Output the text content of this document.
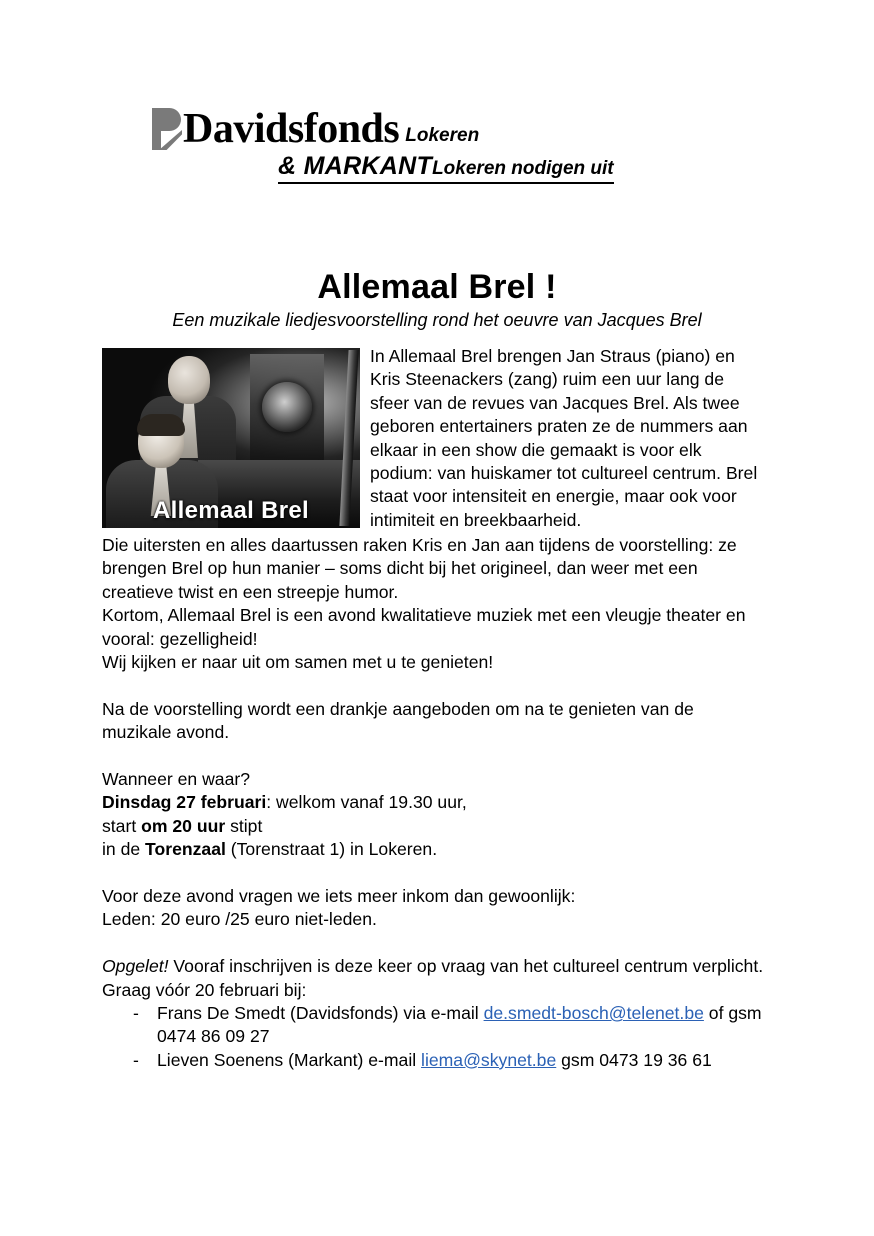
Davidsfonds Lokeren
& MARKANTLokeren nodigen uit
Allemaal Brel !
Een muzikale liedjesvoorstelling rond het oeuvre van Jacques Brel
Allemaal Brel

In Allemaal Brel brengen Jan Straus (piano) en Kris Steenackers (zang) ruim een uur lang de sfeer van de revues van Jacques Brel. Als twee geboren entertainers praten ze de nummers aan elkaar in een show die gemaakt is voor elk podium: van huiskamer tot cultureel centrum. Brel staat voor intensiteit en energie, maar ook voor intimiteit en breekbaarheid.

Die uitersten en alles daartussen raken Kris en Jan aan tijdens de voorstelling: ze brengen Brel op hun manier – soms dicht bij het origineel, dan weer met een creatieve twist en een streepje humor.

Kortom, Allemaal Brel is een avond kwalitatieve muziek met een vleugje theater en vooral: gezelligheid!

Wij kijken er naar uit om samen met u te genieten!

Na de voorstelling wordt een drankje aangeboden om na te genieten van de muzikale avond.

Wanneer en waar?

Dinsdag 27 februari: welkom vanaf 19.30 uur,

start om 20 uur stipt

in de Torenzaal (Torenstraat 1) in Lokeren.

Voor deze avond vragen we iets meer inkom dan gewoonlijk:

Leden: 20 euro /25 euro niet-leden.

Opgelet! Vooraf inschrijven is deze keer op vraag van het cultureel centrum verplicht.

Graag vóór 20 februari bij:

- Frans De Smedt (Davidsfonds) via e-mail de.smedt-bosch@telenet.be of gsm
0474 86 09 27
- Lieven Soenens (Markant) e-mail liema@skynet.be gsm 0473 19 36 61
